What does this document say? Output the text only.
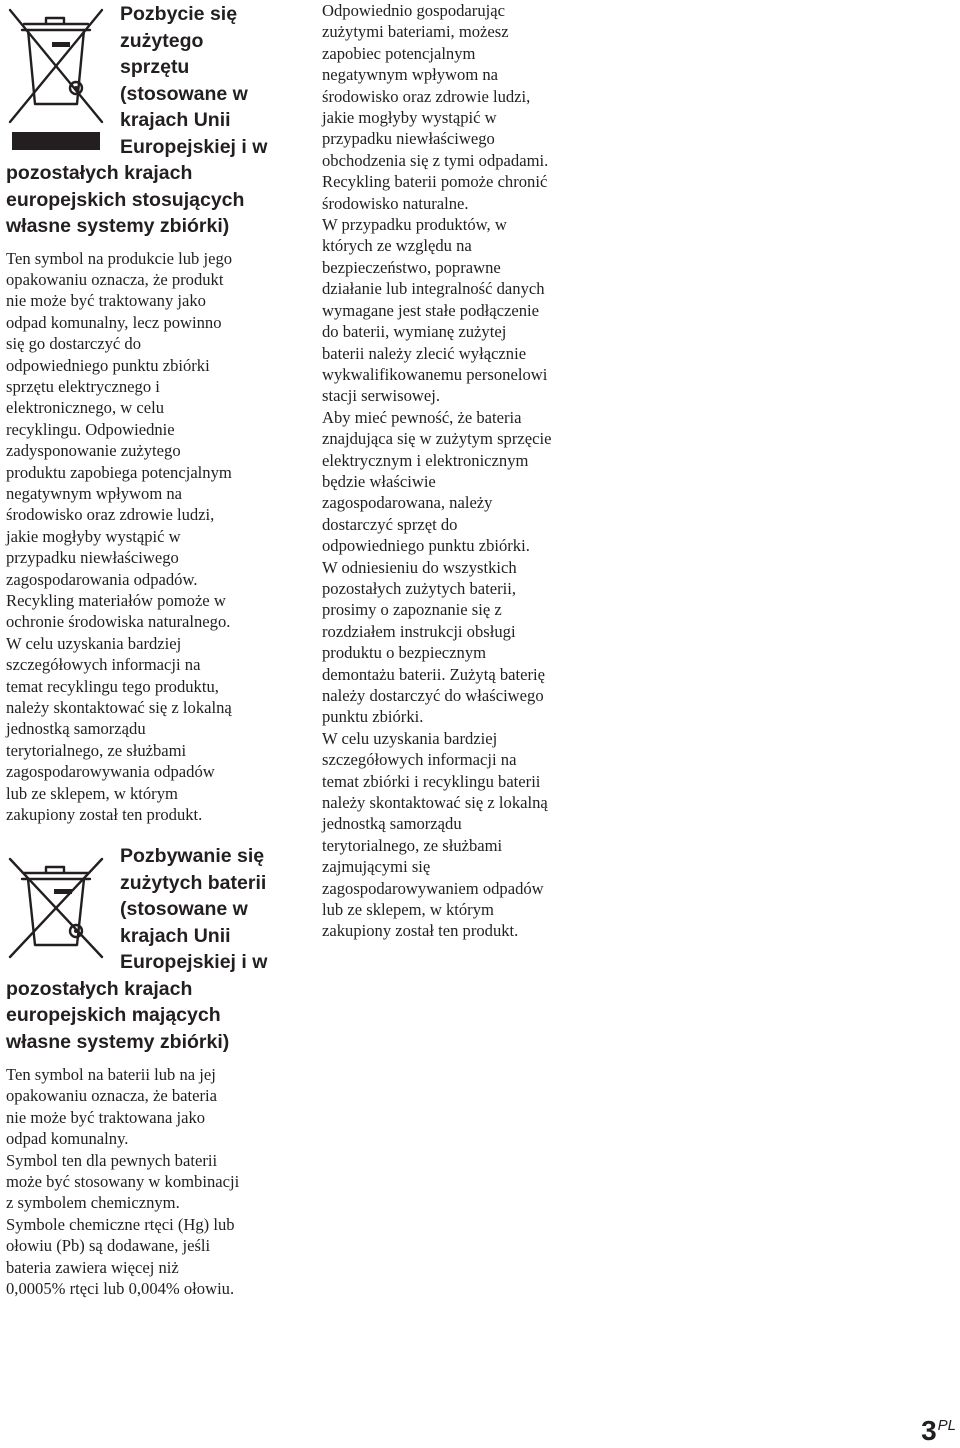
Pozbycie się
zużytego
sprzętu
(stosowane w
krajach Unii
Europejskiej i w
pozostałych krajach
europejskich stosujących
własne systemy zbiórki)

Ten symbol na produkcie lub jego
opakowaniu oznacza, że produkt
nie może być traktowany jako
odpad komunalny, lecz powinno
się go dostarczyć do
odpowiedniego punktu zbiórki
sprzętu elektrycznego i
elektronicznego, w celu
recyklingu. Odpowiednie
zadysponowanie zużytego
produktu zapobiega potencjalnym
negatywnym wpływom na
środowisko oraz zdrowie ludzi,
jakie mogłyby wystąpić w
przypadku niewłaściwego
zagospodarowania odpadów.
Recykling materiałów pomoże w
ochronie środowiska naturalnego.
W celu uzyskania bardziej
szczegółowych informacji na
temat recyklingu tego produktu,
należy skontaktować się z lokalną
jednostką samorządu
terytorialnego, ze służbami
zagospodarowywania odpadów
lub ze sklepem, w którym
zakupiony został ten produkt.

Pozbywanie się
zużytych baterii
(stosowane w
krajach Unii
Europejskiej i w
pozostałych krajach
europejskich mających
własne systemy zbiórki)

Ten symbol na baterii lub na jej
opakowaniu oznacza, że bateria
nie może być traktowana jako
odpad komunalny.
Symbol ten dla pewnych baterii
może być stosowany w kombinacji
z symbolem chemicznym.
Symbole chemiczne rtęci (Hg) lub
ołowiu (Pb) są dodawane, jeśli
bateria zawiera więcej niż
0,0005% rtęci lub 0,004% ołowiu.

Odpowiednio gospodarując
zużytymi bateriami, możesz
zapobiec potencjalnym
negatywnym wpływom na
środowisko oraz zdrowie ludzi,
jakie mogłyby wystąpić w
przypadku niewłaściwego
obchodzenia się z tymi odpadami.
Recykling baterii pomoże chronić
środowisko naturalne.
W przypadku produktów, w
których ze względu na
bezpieczeństwo, poprawne
działanie lub integralność danych
wymagane jest stałe podłączenie
do baterii, wymianę zużytej
baterii należy zlecić wyłącznie
wykwalifikowanemu personelowi
stacji serwisowej.
Aby mieć pewność, że bateria
znajdująca się w zużytym sprzęcie
elektrycznym i elektronicznym
będzie właściwie
zagospodarowana, należy
dostarczyć sprzęt do
odpowiedniego punktu zbiórki.
W odniesieniu do wszystkich
pozostałych zużytych baterii,
prosimy o zapoznanie się z
rozdziałem instrukcji obsługi
produktu o bezpiecznym
demontażu baterii. Zużytą baterię
należy dostarczyć do właściwego
punktu zbiórki.
W celu uzyskania bardziej
szczegółowych informacji na
temat zbiórki i recyklingu baterii
należy skontaktować się z lokalną
jednostką samorządu
terytorialnego, ze służbami
zajmującymi się
zagospodarowywaniem odpadów
lub ze sklepem, w którym
zakupiony został ten produkt.

$3^{PL}$
